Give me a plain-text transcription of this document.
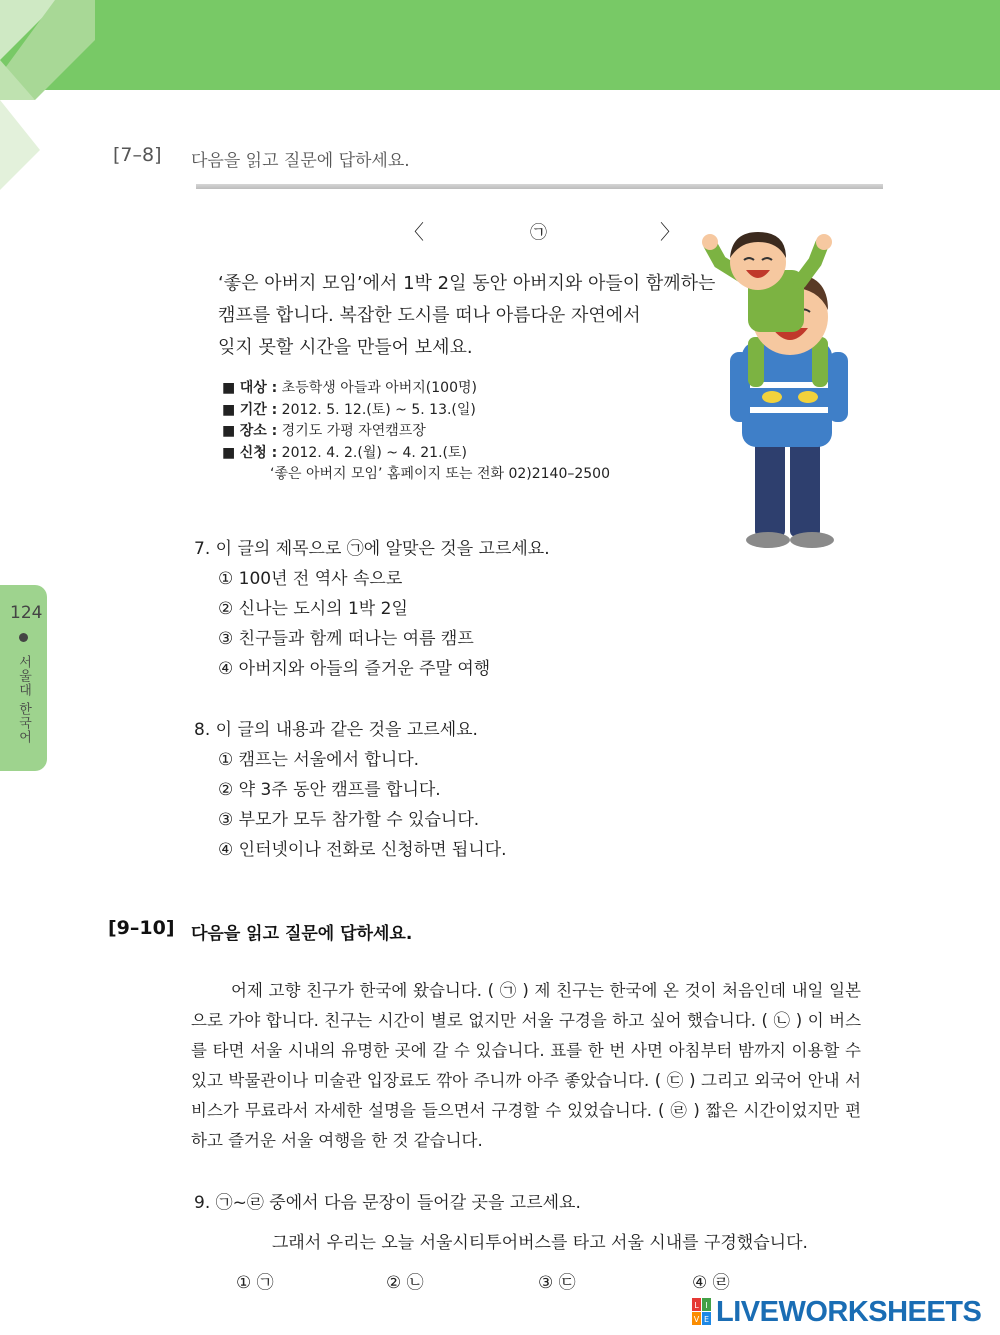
124
서울대 한국어
[7–8] 다음을 읽고 질문에 답하세요.
〈	㉠	〉
‘좋은 아버지 모임’에서 1박 2일 동안 아버지와 아들이 함께하는
캠프를 합니다. 복잡한 도시를 떠나 아름다운 자연에서
잊지 못할 시간을 만들어 보세요.
■ 대상 : 초등학생 아들과 아버지(100명)
■ 기간 : 2012. 5. 12.(토) ~ 5. 13.(일)
■ 장소 : 경기도 가평 자연캠프장
■ 신청 : 2012. 4. 2.(월) ~ 4. 21.(토)
‘좋은 아버지 모임’ 홈페이지 또는 전화 02)2140–2500
7. 이 글의 제목으로 ㉠에 알맞은 것을 고르세요.
① 100년 전 역사 속으로
② 신나는 도시의 1박 2일
③ 친구들과 함께 떠나는 여름 캠프
④ 아버지와 아들의 즐거운 주말 여행
8. 이 글의 내용과 같은 것을 고르세요.
① 캠프는 서울에서 합니다.
② 약 3주 동안 캠프를 합니다.
③ 부모가 모두 참가할 수 있습니다.
④ 인터넷이나 전화로 신청하면 됩니다.
[9–10] 다음을 읽고 질문에 답하세요.
어제 고향 친구가 한국에 왔습니다. ( ㉠ ) 제 친구는 한국에 온 것이 처음인데 내일 일본으로 가야 합니다. 친구는 시간이 별로 없지만 서울 구경을 하고 싶어 했습니다. ( ㉡ ) 이 버스를 타면 서울 시내의 유명한 곳에 갈 수 있습니다. 표를 한 번 사면 아침부터 밤까지 이용할 수 있고 박물관이나 미술관 입장료도 깎아 주니까 아주 좋았습니다. ( ㉢ ) 그리고 외국어 안내 서비스가 무료라서 자세한 설명을 들으면서 구경할 수 있었습니다. ( ㉣ ) 짧은 시간이었지만 편하고 즐거운 서울 여행을 한 것 같습니다.
9. ㉠~㉣ 중에서 다음 문장이 들어갈 곳을 고르세요.
그래서 우리는 오늘 서울시티투어버스를 타고 서울 시내를 구경했습니다.
① ㉠	② ㉡	③ ㉢	④ ㉣
L I
V E LIVEWORKSHEETS
